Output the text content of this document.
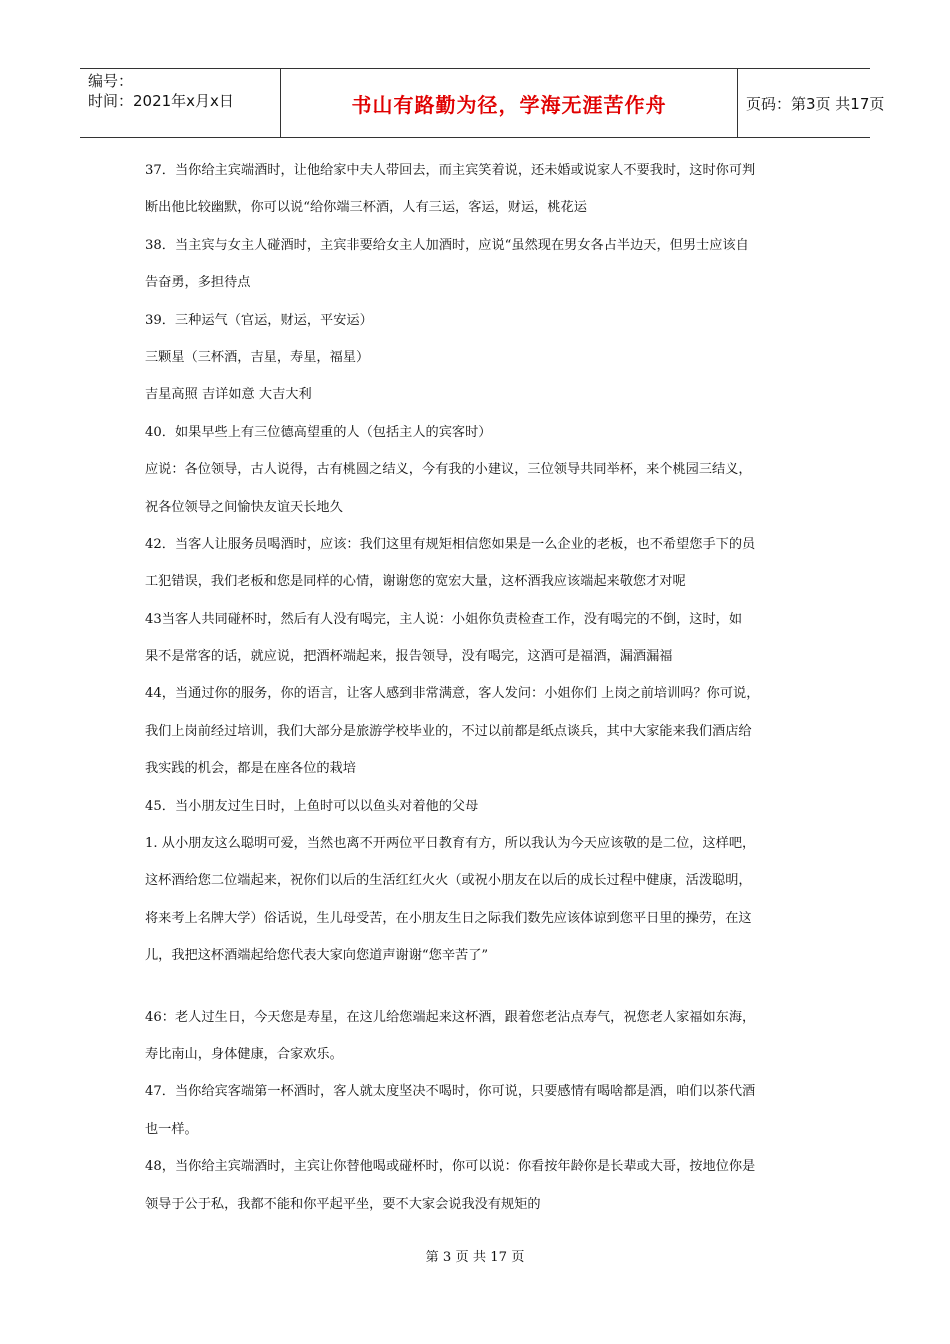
编号：
时间：2021年x月x日	书山有路勤为径，学海无涯苦作舟	页码：第3页 共17页
37．当你给主宾端酒时，让他给家中夫人带回去，而主宾笑着说，还未婚或说家人不要我时，这时你可判
断出他比较幽默，你可以说“给你端三杯酒，人有三运，客运，财运，桃花运
38．当主宾与女主人碰酒时，主宾非要给女主人加酒时，应说“虽然现在男女各占半边天，但男士应该自
告奋勇，多担待点
39．三种运气（官运，财运，平安运）
三颗星（三杯酒，吉星，寿星，福星）
吉星高照 吉详如意 大吉大利
40．如果早些上有三位德高望重的人（包括主人的宾客时）
应说：各位领导，古人说得，古有桃圆之结义，今有我的小建议，三位领导共同举杯，来个桃园三结义，
祝各位领导之间愉快友谊天长地久
42．当客人让服务员喝酒时，应该：我们这里有规矩相信您如果是一么企业的老板，也不希望您手下的员
工犯错误，我们老板和您是同样的心情，谢谢您的宽宏大量，这杯酒我应该端起来敬您才对呢
43当客人共同碰杯时，然后有人没有喝完，主人说：小姐你负责检查工作，没有喝完的不倒，这时，如
果不是常客的话，就应说，把酒杯端起来，报告领导，没有喝完，这酒可是福酒，漏酒漏福
44，当通过你的服务，你的语言，让客人感到非常满意，客人发问：小姐你们 上岗之前培训吗？你可说，
我们上岗前经过培训，我们大部分是旅游学校毕业的，不过以前都是纸点谈兵，其中大家能来我们酒店给
我实践的机会，都是在座各位的栽培
45．当小朋友过生日时，上鱼时可以以鱼头对着他的父母
1. 从小朋友这么聪明可爱，当然也离不开两位平日教育有方，所以我认为今天应该敬的是二位，这样吧，
这杯酒给您二位端起来，祝你们以后的生活红红火火（或祝小朋友在以后的成长过程中健康，活泼聪明，
将来考上名牌大学）俗话说，生儿母受苦，在小朋友生日之际我们数先应该体谅到您平日里的操劳，在这
儿，我把这杯酒端起给您代表大家向您道声谢谢“您辛苦了”
46：老人过生日，今天您是寿星，在这儿给您端起来这杯酒，跟着您老沾点寿气，祝您老人家福如东海，
寿比南山，身体健康，合家欢乐。
47．当你给宾客端第一杯酒时，客人就太度坚决不喝时，你可说，只要感情有喝啥都是酒，咱们以茶代酒
也一样。
48，当你给主宾端酒时，主宾让你替他喝或碰杯时，你可以说：你看按年龄你是长辈或大哥，按地位你是
领导于公于私，我都不能和你平起平坐，要不大家会说我没有规矩的
第 3 页 共 17 页
